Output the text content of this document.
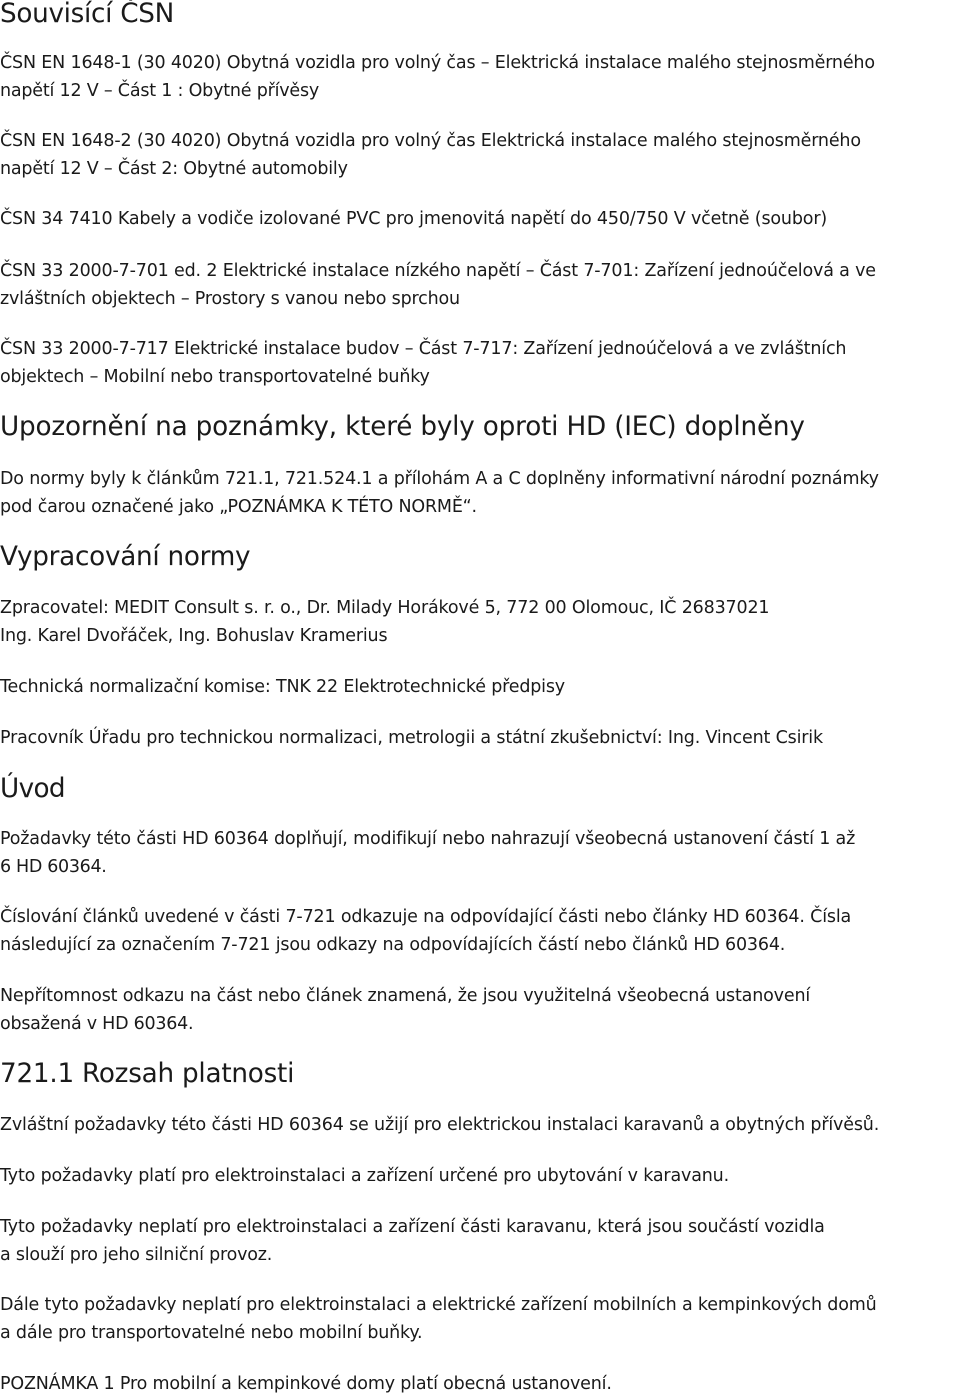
Souvisící ČSN

ČSN EN 1648-1 (30 4020) Obytná vozidla pro volný čas – Elektrická instalace malého stejnosměrného
napětí 12 V – Část 1 : Obytné přívěsy

ČSN EN 1648-2 (30 4020) Obytná vozidla pro volný čas Elektrická instalace malého stejnosměrného
napětí 12 V – Část 2: Obytné automobily

ČSN 34 7410 Kabely a vodiče izolované PVC pro jmenovitá napětí do 450/750 V včetně (soubor)

ČSN 33 2000-7-701 ed. 2 Elektrické instalace nízkého napětí – Část 7-701: Zařízení jednoúčelová a ve
zvláštních objektech – Prostory s vanou nebo sprchou

ČSN 33 2000-7-717 Elektrické instalace budov – Část 7-717: Zařízení jednoúčelová a ve zvláštních
objektech – Mobilní nebo transportovatelné buňky

Upozornění na poznámky, které byly oproti HD (IEC) doplněny

Do normy byly k článkům 721.1, 721.524.1 a přílohám A a C doplněny informativní národní poznámky
pod čarou označené jako „POZNÁMKA K TÉTO NORMĚ“.

Vypracování normy

Zpracovatel: MEDIT Consult s. r. o., Dr. Milady Horákové 5, 772 00 Olomouc, IČ 26837021
Ing. Karel Dvořáček, Ing. Bohuslav Kramerius

Technická normalizační komise: TNK 22 Elektrotechnické předpisy

Pracovník Úřadu pro technickou normalizaci, metrologii a státní zkušebnictví: Ing. Vincent Csirik

Úvod

Požadavky této části HD 60364 doplňují, modifikují nebo nahrazují všeobecná ustanovení částí 1 až
6 HD 60364.

Číslování článků uvedené v části 7-721 odkazuje na odpovídající části nebo články HD 60364. Čísla
následující za označením 7-721 jsou odkazy na odpovídajících částí nebo článků HD 60364.

Nepřítomnost odkazu na část nebo článek znamená, že jsou využitelná všeobecná ustanovení
obsažená v HD 60364.

721.1 Rozsah platnosti

Zvláštní požadavky této části HD 60364 se užijí pro elektrickou instalaci karavanů a obytných přívěsů.

Tyto požadavky platí pro elektroinstalaci a zařízení určené pro ubytování v karavanu.

Tyto požadavky neplatí pro elektroinstalaci a zařízení části karavanu, která jsou součástí vozidla
a slouží pro jeho silniční provoz.

Dále tyto požadavky neplatí pro elektroinstalaci a elektrické zařízení mobilních a kempinkových domů
a dále pro transportovatelné nebo mobilní buňky.

POZNÁMKA 1 Pro mobilní a kempinkové domy platí obecná ustanovení.
